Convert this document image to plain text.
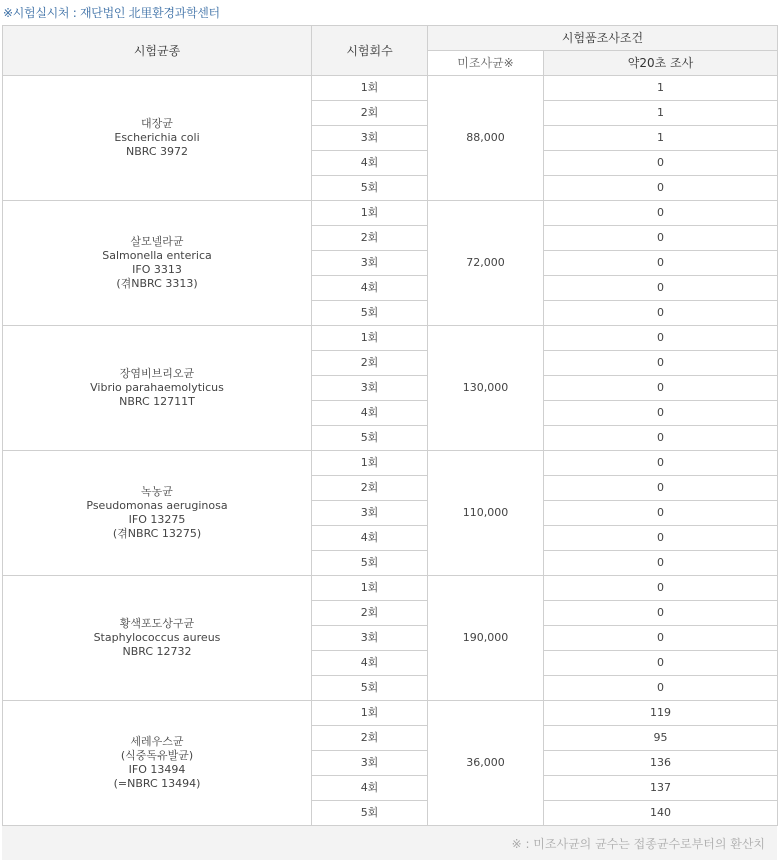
※시험실시처 : 재단법인 北里환경과학센터
시험균종	시험회수	시험품조사조건	
		미조사균※	약20초 조사

대장균
Escherichia coli
NBRC 3972	1회	88,000	1
	2회		1
	3회		1
	4회		0
	5회		0

살모넬라균
Salmonella enterica
IFO 3313
(겪NBRC 3313)	1회	72,000	0
	2회		0
	3회		0
	4회		0
	5회		0

장염비브리오균
Vibrio parahaemolyticus
NBRC 12711T	1회	130,000	0
	2회		0
	3회		0
	4회		0
	5회		0

녹농균
Pseudomonas aeruginosa
IFO 13275
(겪NBRC 13275)	1회	110,000	0
	2회		0
	3회		0
	4회		0
	5회		0

황색포도상구균
Staphylococcus aureus
NBRC 12732	1회	190,000	0
	2회		0
	3회		0
	4회		0
	5회		0

세레우스균
(식중독유발균)
IFO 13494
(=NBRC 13494)	1회	36,000	119
	2회		95
	3회		136
	4회		137
	5회		140
※ : 미조사균의 균수는 접종균수로부터의 환산치
